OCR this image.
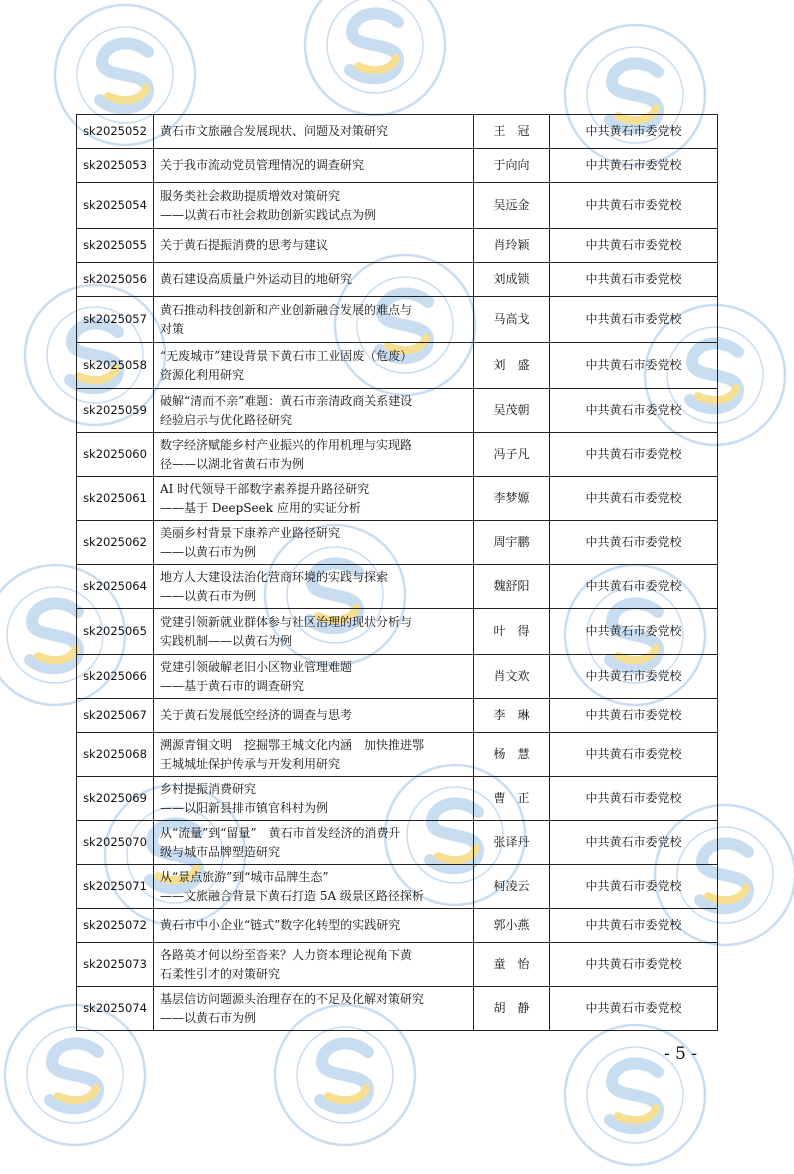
sk2025052	黄石市文旅融合发展现状、问题及对策研究	王　冠	中共黄石市委党校
sk2025053	关于我市流动党员管理情况的调查研究	于向向	中共黄石市委党校
sk2025054	服务类社会救助提质增效对策研究
——以黄石市社会救助创新实践试点为例	吴远金	中共黄石市委党校
sk2025055	关于黄石提振消费的思考与建议	肖玲颖	中共黄石市委党校
sk2025056	黄石建设高质量户外运动目的地研究	刘成锁	中共黄石市委党校
sk2025057	黄石推动科技创新和产业创新融合发展的难点与
对策	马高戈	中共黄石市委党校
sk2025058	“无废城市”建设背景下黄石市工业固废（危废）
资源化利用研究	刘　盛	中共黄石市委党校
sk2025059	破解“清而不亲”难题：黄石市亲清政商关系建设
经验启示与优化路径研究	吴茂朝	中共黄石市委党校
sk2025060	数字经济赋能乡村产业振兴的作用机理与实现路
径——以湖北省黄石市为例	冯子凡	中共黄石市委党校
sk2025061	AI 时代领导干部数字素养提升路径研究
——基于 DeepSeek 应用的实证分析	李梦嫄	中共黄石市委党校
sk2025062	美丽乡村背景下康养产业路径研究
——以黄石市为例	周宇鹏	中共黄石市委党校
sk2025064	地方人大建设法治化营商环境的实践与探索
——以黄石市为例	魏舒阳	中共黄石市委党校
sk2025065	党建引领新就业群体参与社区治理的现状分析与
实践机制——以黄石为例	叶　得	中共黄石市委党校
sk2025066	党建引领破解老旧小区物业管理难题
——基于黄石市的调查研究	肖文欢	中共黄石市委党校
sk2025067	关于黄石发展低空经济的调查与思考	李　琳	中共黄石市委党校
sk2025068	溯源青铜文明　挖掘鄂王城文化内涵　加快推进鄂
王城城址保护传承与开发利用研究	杨　慧	中共黄石市委党校
sk2025069	乡村提振消费研究
——以阳新县排市镇官科村为例	曹　正	中共黄石市委党校
sk2025070	从“流量”到“留量”　黄石市首发经济的消费升
级与城市品牌塑造研究	张译丹	中共黄石市委党校
sk2025071	从“景点旅游”到“城市品牌生态”
——文旅融合背景下黄石打造 5A 级景区路径探析	柯凌云	中共黄石市委党校
sk2025072	黄石市中小企业“链式”数字化转型的实践研究	郭小燕	中共黄石市委党校
sk2025073	各路英才何以纷至沓来？人力资本理论视角下黄
石柔性引才的对策研究	童　怡	中共黄石市委党校
sk2025074	基层信访问题源头治理存在的不足及化解对策研究
——以黄石市为例	胡　静	中共黄石市委党校
- 5 -
